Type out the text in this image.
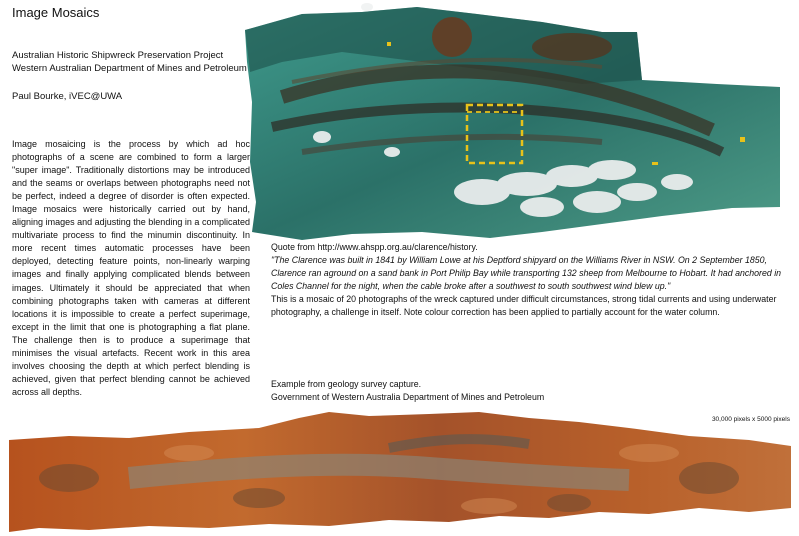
Image Mosaics
Australian Historic Shipwreck Preservation Project
Western Australian Department of Mines and Petroleum
Paul Bourke, iVEC@UWA

Image mosaicing is the process by which ad hoc photographs of a scene are combined to form a larger "super image". Traditionally distortions may be introduced and the seams or overlaps between photographs need not be perfect, indeed a degree of disorder is often expected. Image mosaics were historically carried out by hand, aligning images and adjusting the blending in a complicated multivariate process to find the minumin discontinuity. In more recent times automatic processes have been deployed, detecting feature points, non-linearly warping images and finally applying complicated blends between images. Ultimately it should be appreciated that when combining photographs taken with cameras at different locations it is impossible to create a perfect superimage, except in the limit that one is photographing a flat plane. The challenge then is to produce a superimage that minimises the visual artefacts. Recent work in this area involves choosing the depth at which perfect blending is achieved, given that perfect blending cannot be achieved across all depths.

Quote from http://www.ahspp.org.au/clarence/history.

"The Clarence was built in 1841 by William Lowe at his Deptford shipyard on the Williams River in NSW. On 2 September 1850, Clarence ran aground on a sand bank in Port Philip Bay while transporting 132 sheep from Melbourne to Hobart. It had anchored in Coles Channel for the night, when the cable broke after a southwest to south southwest wind blew up."

This is a mosaic of 20 photographs of the wreck captured under difficult circumstances, strong tidal currents and using underwater photography, a challenge in itself. Note colour correction has been applied to partially account for the water column.

Example from geology survey capture.

Government of Western Australia Department of Mines and Petroleum

30,000 pixels x 5000 pixels
